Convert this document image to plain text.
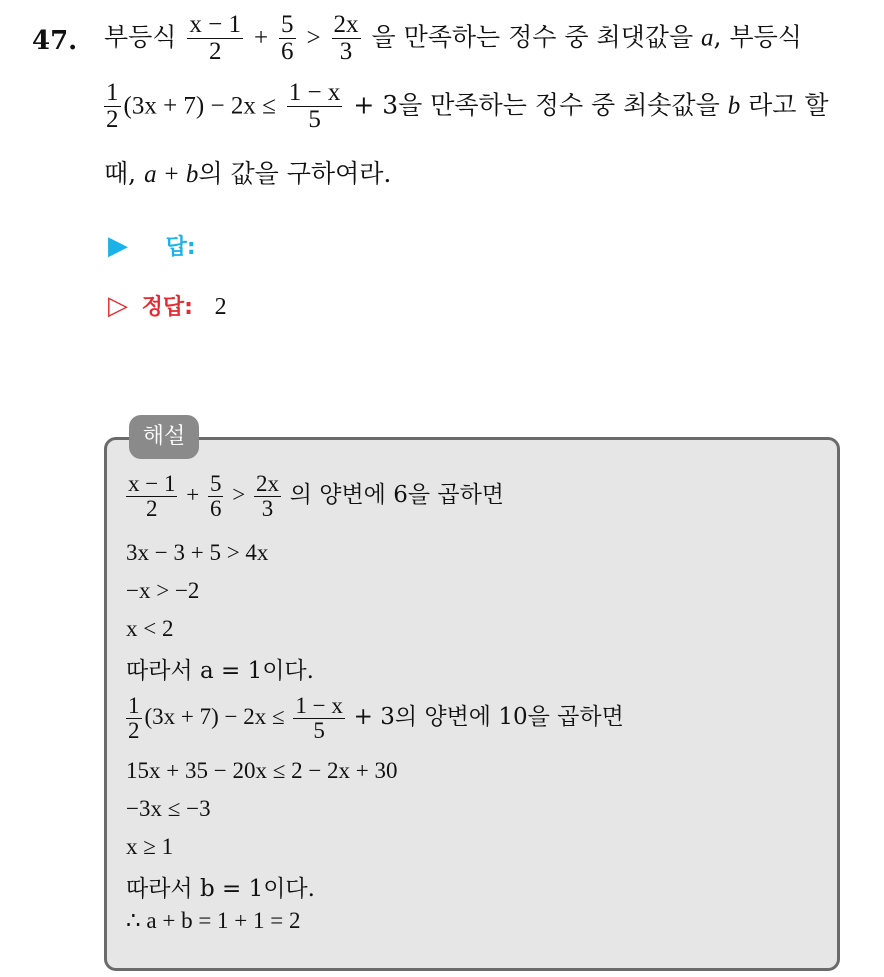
47. 부등식 $\frac{x - 1}{2} + \frac{5}{6} > \frac{2x}{3}$ 을 만족하는 정수 중 최댓값을 a, 부등식
$\frac{1}{2} (3x + 7) - 2x \le \frac{1 - x}{5} + 3$을 만족하는 정수 중 최솟값을 b 라고 할
때, a + b의 값을 구하여라.
▶ 답:
▷ 정답: 2
해설
$\frac{x - 1}{2} + \frac{5}{6} > \frac{2x}{3}$ 의 양변에 6을 곱하면
3x − 3 + 5 > 4x
−x > −2
x < 2
따라서 a = 1이다.
$\frac{1}{2} (3x + 7) - 2x \le \frac{1 - x}{5} + 3$의 양변에 10을 곱하면
15x + 35 − 20x ≤ 2 − 2x + 30
−3x ≤ −3
x ≥ 1
따라서 b = 1이다.
∴ a + b = 1 + 1 = 2
